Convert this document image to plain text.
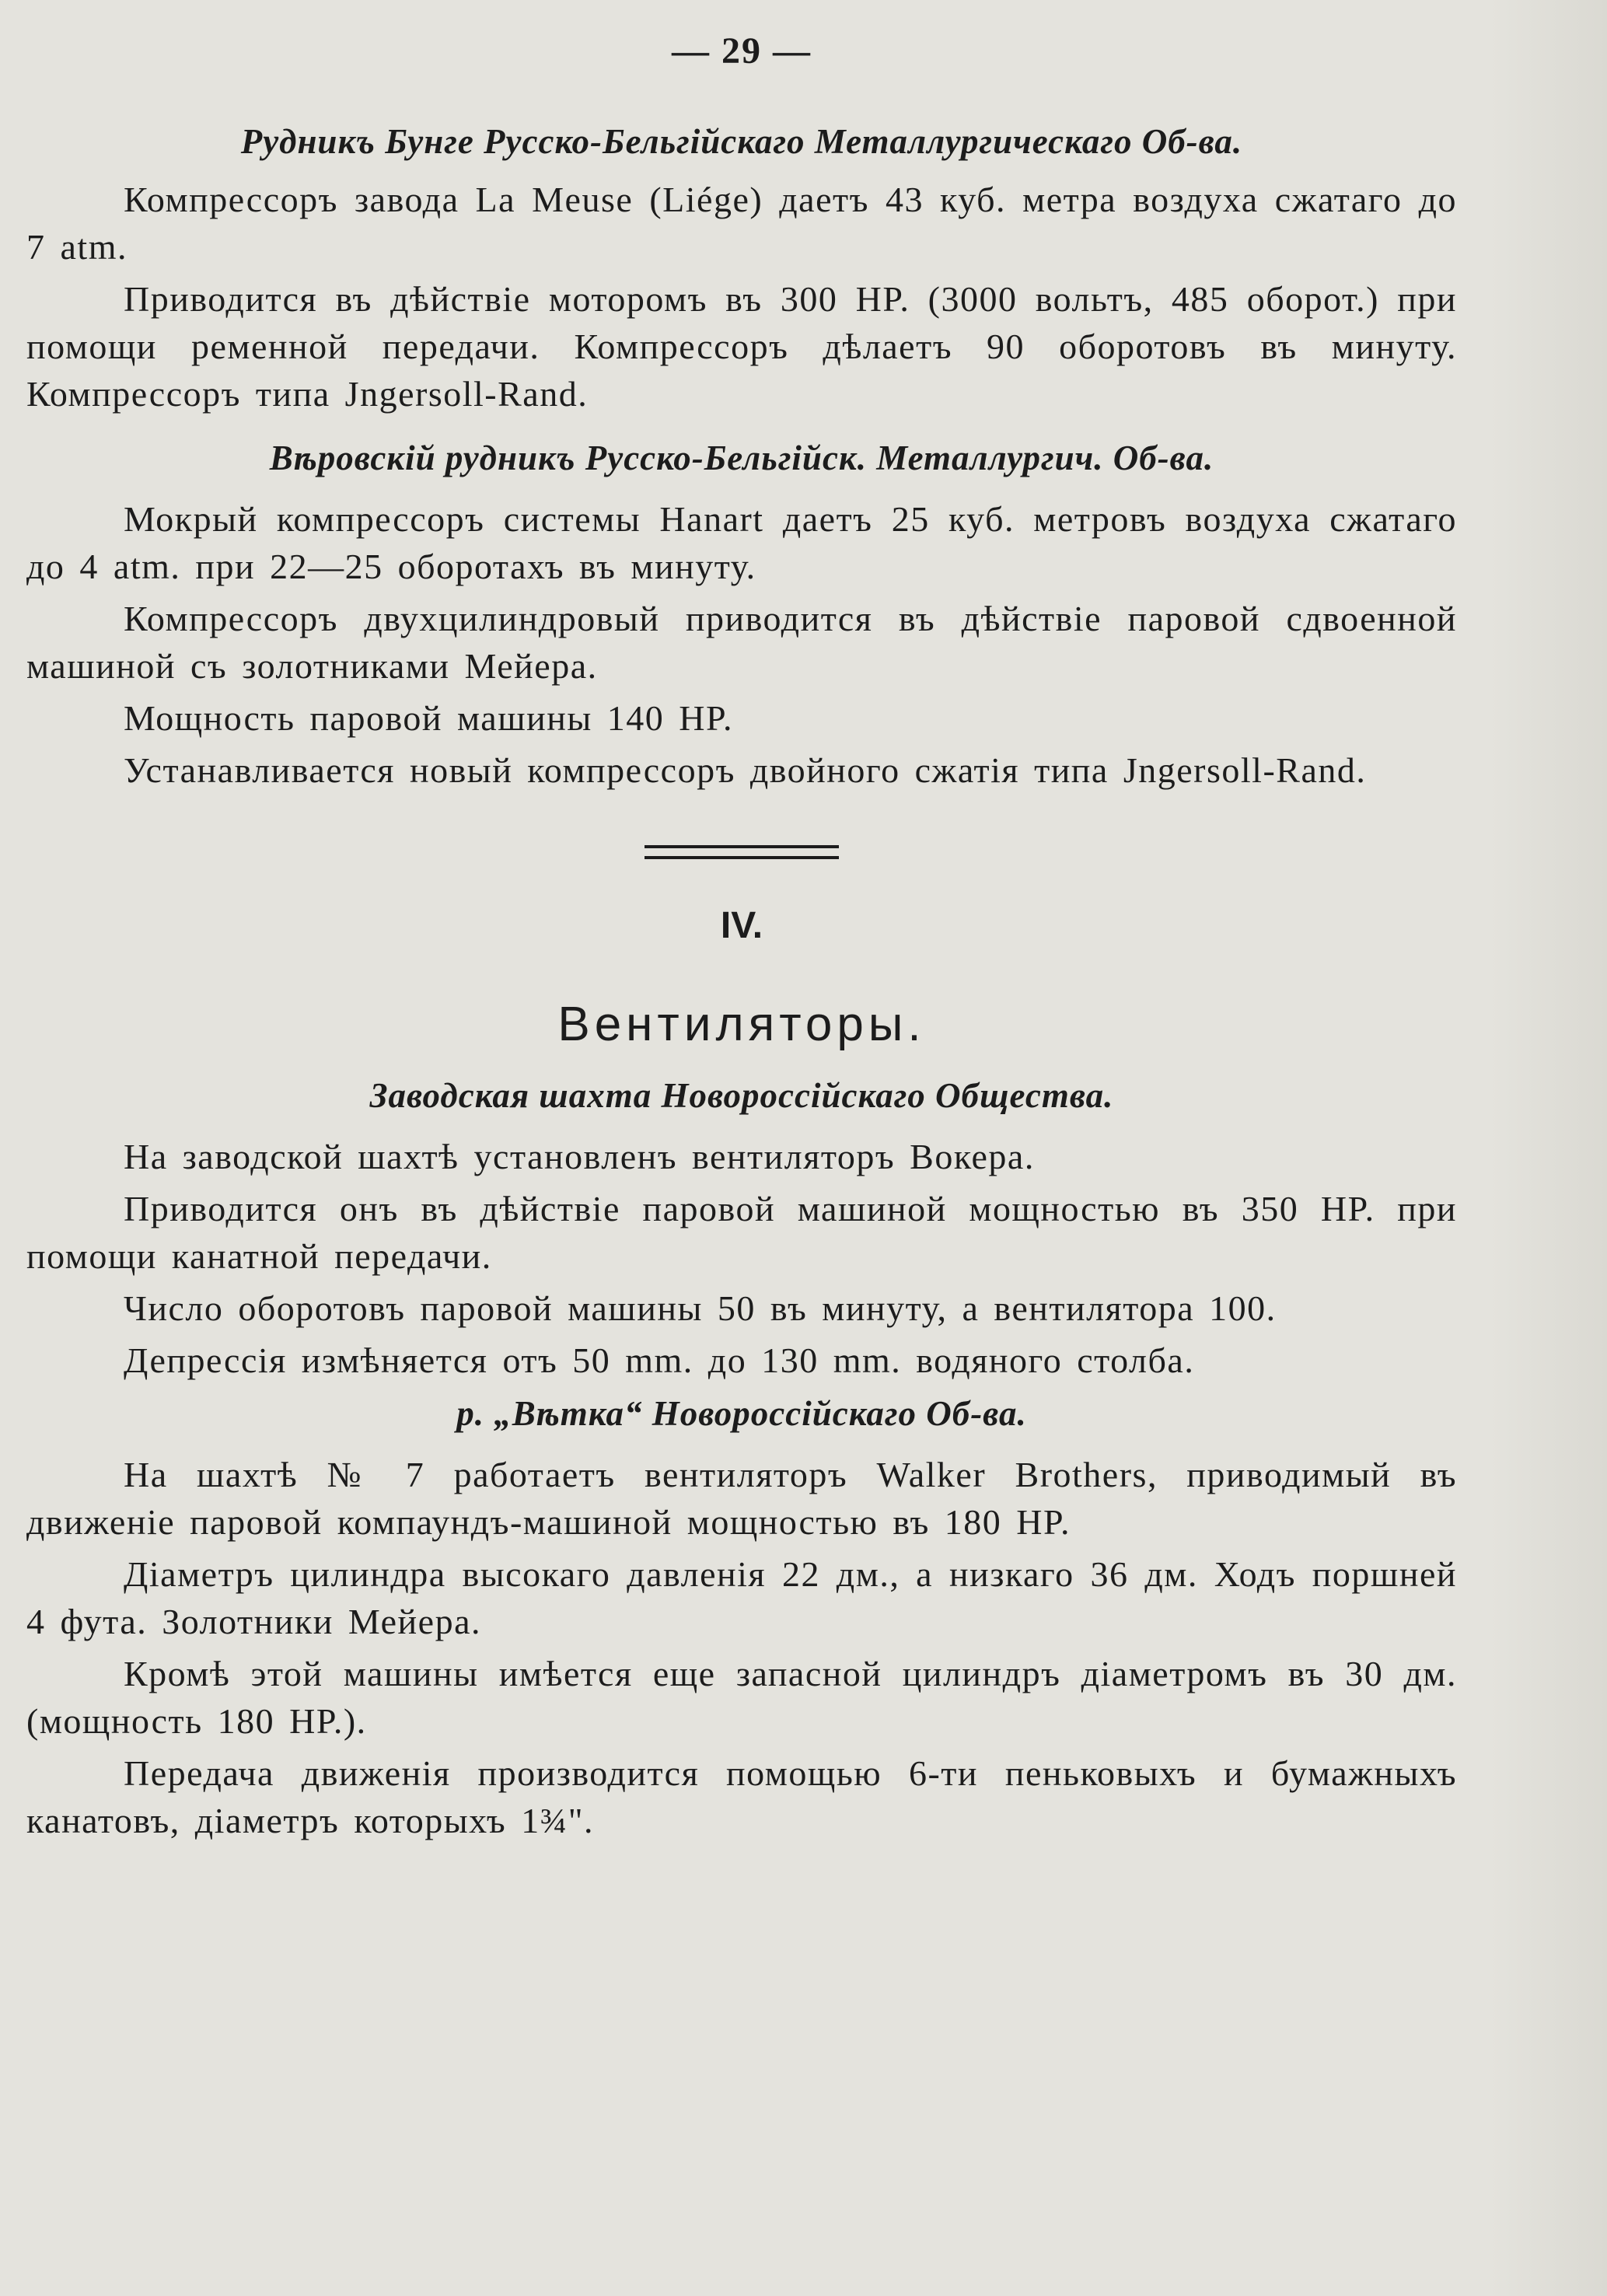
— 29 —

Рудникъ Бунге Русско-Бельгійскаго Металлургическаго Об-ва.

Компрессоръ завода La Meuse (Liége) даетъ 43 куб. метра воздуха сжатаго до 7 atm.

Приводится въ дѣйствіе моторомъ въ 300 HP. (3000 вольтъ, 485 оборот.) при помощи ременной передачи. Компрессоръ дѣлаетъ 90 оборотовъ въ минуту. Компрессоръ типа Jngersoll-Rand.

Вѣровскій рудникъ Русско-Бельгійск. Металлургич. Об-ва.

Мокрый компрессоръ системы Hanart даетъ 25 куб. метровъ воздуха сжатаго до 4 atm. при 22—25 оборотахъ въ минуту.

Компрессоръ двухцилиндровый приводится въ дѣйствіе паровой сдвоенной машиной съ золотниками Мейера.

Мощность паровой машины 140 HP.

Устанавливается новый компрессоръ двойного сжатія типа Jngersoll-Rand.

IV.
Вентиляторы.

Заводская шахта Новороссійскаго Общества.

На заводской шахтѣ установленъ вентиляторъ Вокера.

Приводится онъ въ дѣйствіе паровой машиной мощностью въ 350 HP. при помощи канатной передачи.

Число оборотовъ паровой машины 50 въ минуту, а вентилятора 100.

Депрессія измѣняется отъ 50 mm. до 130 mm. водяного столба.

р. „Вѣтка“ Новороссійскаго Об-ва.

На шахтѣ № 7 работаетъ вентиляторъ Walker Brothers, приводимый въ движеніе паровой компаундъ-машиной мощностью въ 180 HP.

Діаметръ цилиндра высокаго давленія 22 дм., а низкаго 36 дм. Ходъ поршней 4 фута. Золотники Мейера.

Кромѣ этой машины имѣется еще запасной цилиндръ діаметромъ въ 30 дм. (мощность 180 HP.).

Передача движенія производится помощью 6-ти пеньковыхъ и бумажныхъ канатовъ, діаметръ которыхъ 1¾".
